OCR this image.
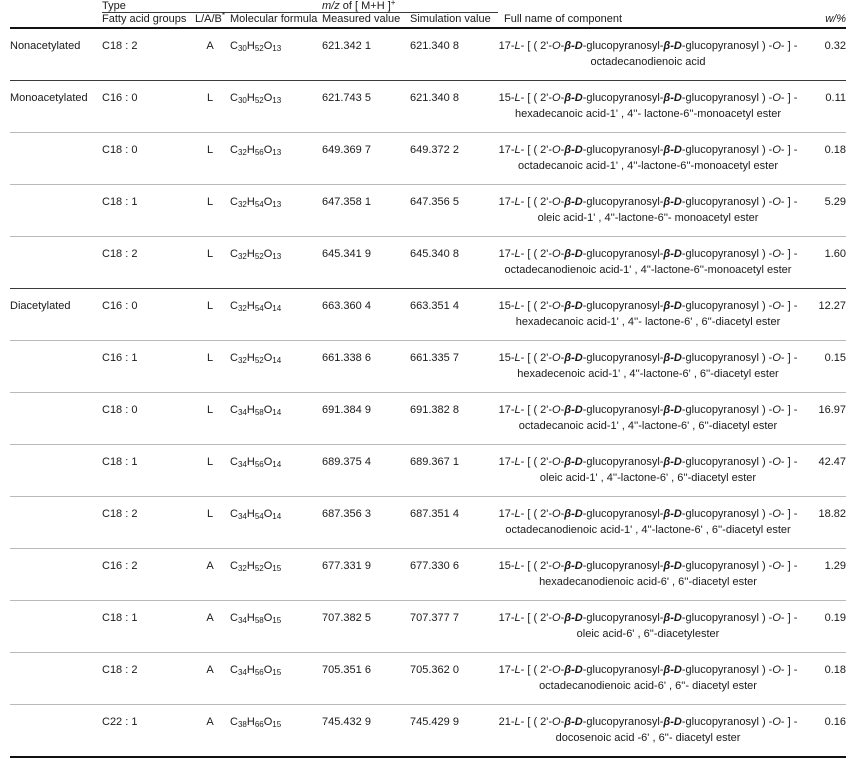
	Type			m/z of [ M+H ]+		
	Fatty acid groups	L/A/B*	Molecular formula	Measured value	Simulation value	Full name of component	w/%
Nonacetylated	C18 : 2	A	$C_{30}H_{52}O_{13}$	621.342 1	621.340 8	17-L- [ ( 2'-O-β-D-glucopyranosyl-β-D-glucopyranosyl ) -O- ] -
octadecanodienoic acid	0.32
Monoacetylated	C16 : 0	L	$C_{30}H_{52}O_{13}$	621.743 5	621.340 8	15-L- [ ( 2'-O-β-D-glucopyranosyl-β-D-glucopyranosyl ) -O- ] -
hexadecanoic acid-1' , 4''- lactone-6''-monoacetyl ester	0.11
	C18 : 0	L	$C_{32}H_{56}O_{13}$	649.369 7	649.372 2	17-L- [ ( 2'-O-β-D-glucopyranosyl-β-D-glucopyranosyl ) -O- ] -
octadecanoic acid-1' , 4''-lactone-6''-monoacetyl ester	0.18
	C18 : 1	L	$C_{32}H_{54}O_{13}$	647.358 1	647.356 5	17-L- [ ( 2'-O-β-D-glucopyranosyl-β-D-glucopyranosyl ) -O- ] -
oleic acid-1' , 4''-lactone-6''- monoacetyl ester	5.29
	C18 : 2	L	$C_{32}H_{52}O_{13}$	645.341 9	645.340 8	17-L- [ ( 2'-O-β-D-glucopyranosyl-β-D-glucopyranosyl ) -O- ] -
octadecanodienoic acid-1' , 4''-lactone-6''-monoacetyl ester	1.60
Diacetylated	C16 : 0	L	$C_{32}H_{54}O_{14}$	663.360 4	663.351 4	15-L- [ ( 2'-O-β-D-glucopyranosyl-β-D-glucopyranosyl ) -O- ] -
hexadecanoic acid-1' , 4''- lactone-6' , 6''-diacetyl ester	12.27
	C16 : 1	L	$C_{32}H_{52}O_{14}$	661.338 6	661.335 7	15-L- [ ( 2'-O-β-D-glucopyranosyl-β-D-glucopyranosyl ) -O- ] -
hexadecenoic acid-1' , 4''-lactone-6' , 6''-diacetyl ester	0.15
	C18 : 0	L	$C_{34}H_{58}O_{14}$	691.384 9	691.382 8	17-L- [ ( 2'-O-β-D-glucopyranosyl-β-D-glucopyranosyl ) -O- ] -
octadecanoic acid-1' , 4''-lactone-6' , 6''-diacetyl ester	16.97
	C18 : 1	L	$C_{34}H_{56}O_{14}$	689.375 4	689.367 1	17-L- [ ( 2'-O-β-D-glucopyranosyl-β-D-glucopyranosyl ) -O- ] -
oleic acid-1' , 4''-lactone-6' , 6''-diacetyl ester	42.47
	C18 : 2	L	$C_{34}H_{54}O_{14}$	687.356 3	687.351 4	17-L- [ ( 2'-O-β-D-glucopyranosyl-β-D-glucopyranosyl ) -O- ] -
octadecanodienoic acid-1' , 4''-lactone-6' , 6''-diacetyl ester	18.82
	C16 : 2	A	$C_{32}H_{52}O_{15}$	677.331 9	677.330 6	15-L- [ ( 2'-O-β-D-glucopyranosyl-β-D-glucopyranosyl ) -O- ] -
hexadecanodienoic acid-6' , 6''-diacetyl ester	1.29
	C18 : 1	A	$C_{34}H_{58}O_{15}$	707.382 5	707.377 7	17-L- [ ( 2'-O-β-D-glucopyranosyl-β-D-glucopyranosyl ) -O- ] -
oleic acid-6' , 6''-diacetylester	0.19
	C18 : 2	A	$C_{34}H_{56}O_{15}$	705.351 6	705.362 0	17-L- [ ( 2'-O-β-D-glucopyranosyl-β-D-glucopyranosyl ) -O- ] -
octadecanodienoic acid-6' , 6''- diacetyl ester	0.18
	C22 : 1	A	$C_{38}H_{66}O_{15}$	745.432 9	745.429 9	21-L- [ ( 2'-O-β-D-glucopyranosyl-β-D-glucopyranosyl ) -O- ] -
docosenoic acid -6' , 6''- diacetyl ester	0.16
